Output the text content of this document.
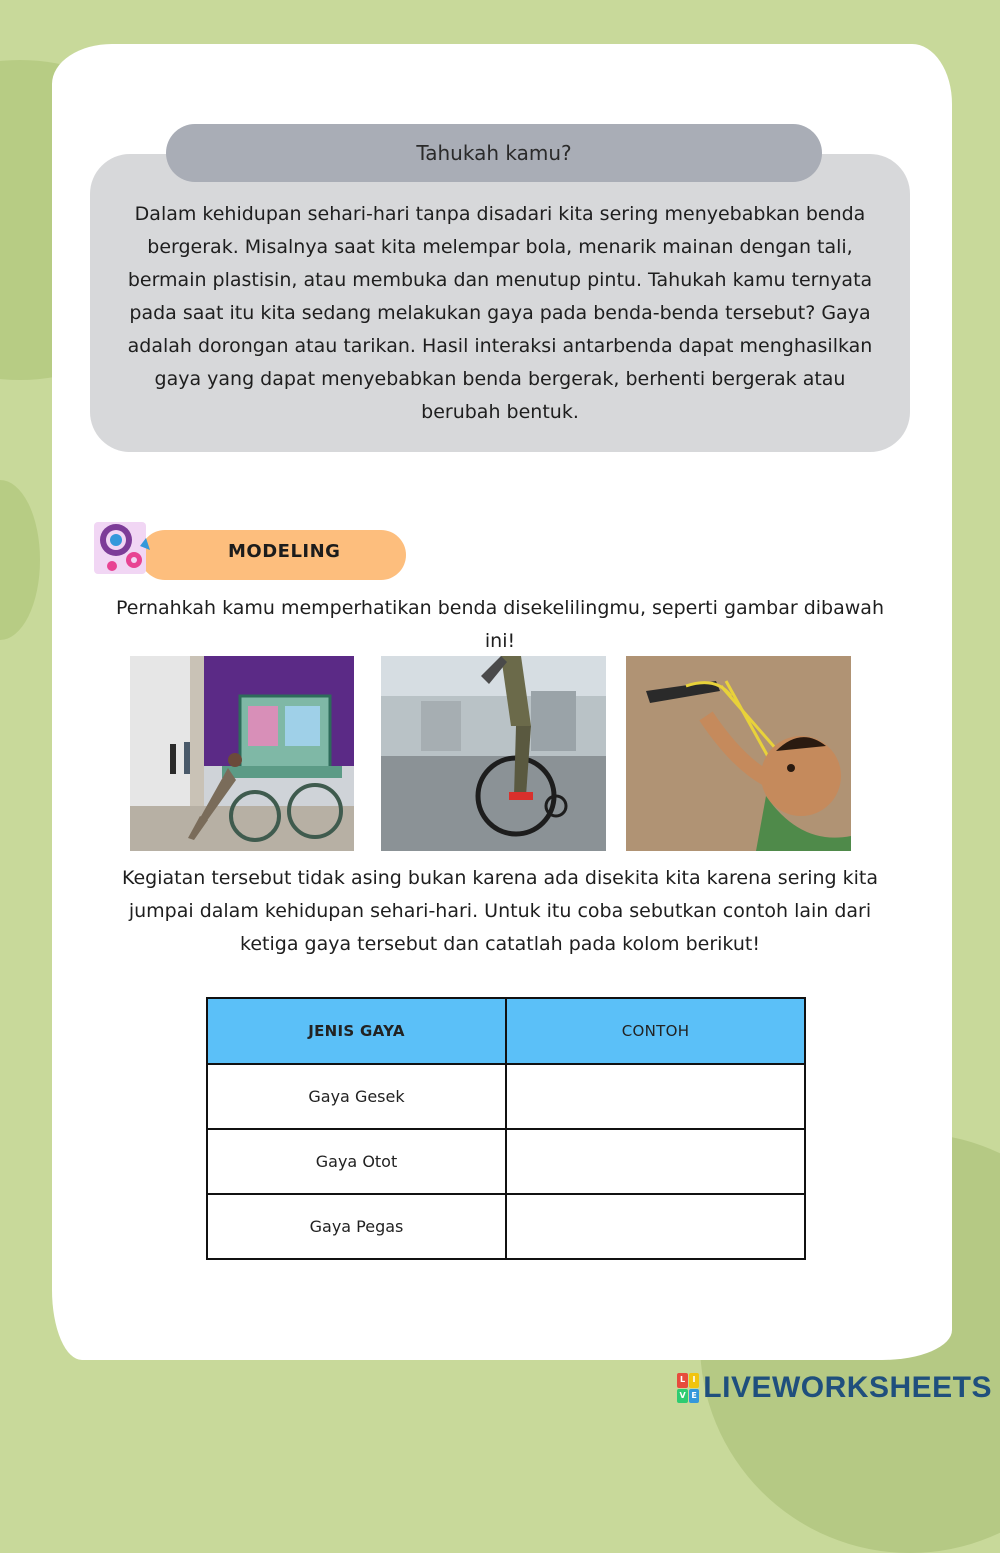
Tahukah kamu?

Dalam kehidupan sehari-hari tanpa disadari kita sering menyebabkan benda bergerak. Misalnya saat kita melempar bola, menarik mainan dengan tali, bermain plastisin, atau membuka dan menutup pintu. Tahukah kamu ternyata pada saat itu kita sedang melakukan gaya pada benda-benda tersebut? Gaya adalah dorongan atau tarikan. Hasil interaksi antarbenda dapat menghasilkan gaya yang dapat menyebabkan benda bergerak, berhenti bergerak atau berubah bentuk.

MODELING

Pernahkah kamu memperhatikan benda disekelilingmu, seperti gambar dibawah ini!

Kegiatan tersebut tidak asing bukan karena ada disekita kita karena sering kita jumpai dalam kehidupan sehari-hari. Untuk itu coba sebutkan contoh lain dari ketiga gaya tersebut dan catatlah pada kolom berikut!

JENIS GAYA	CONTOH
Gaya Gesek	
Gaya Otot	
Gaya Pegas	
L I
V E LIVEWORKSHEETS
